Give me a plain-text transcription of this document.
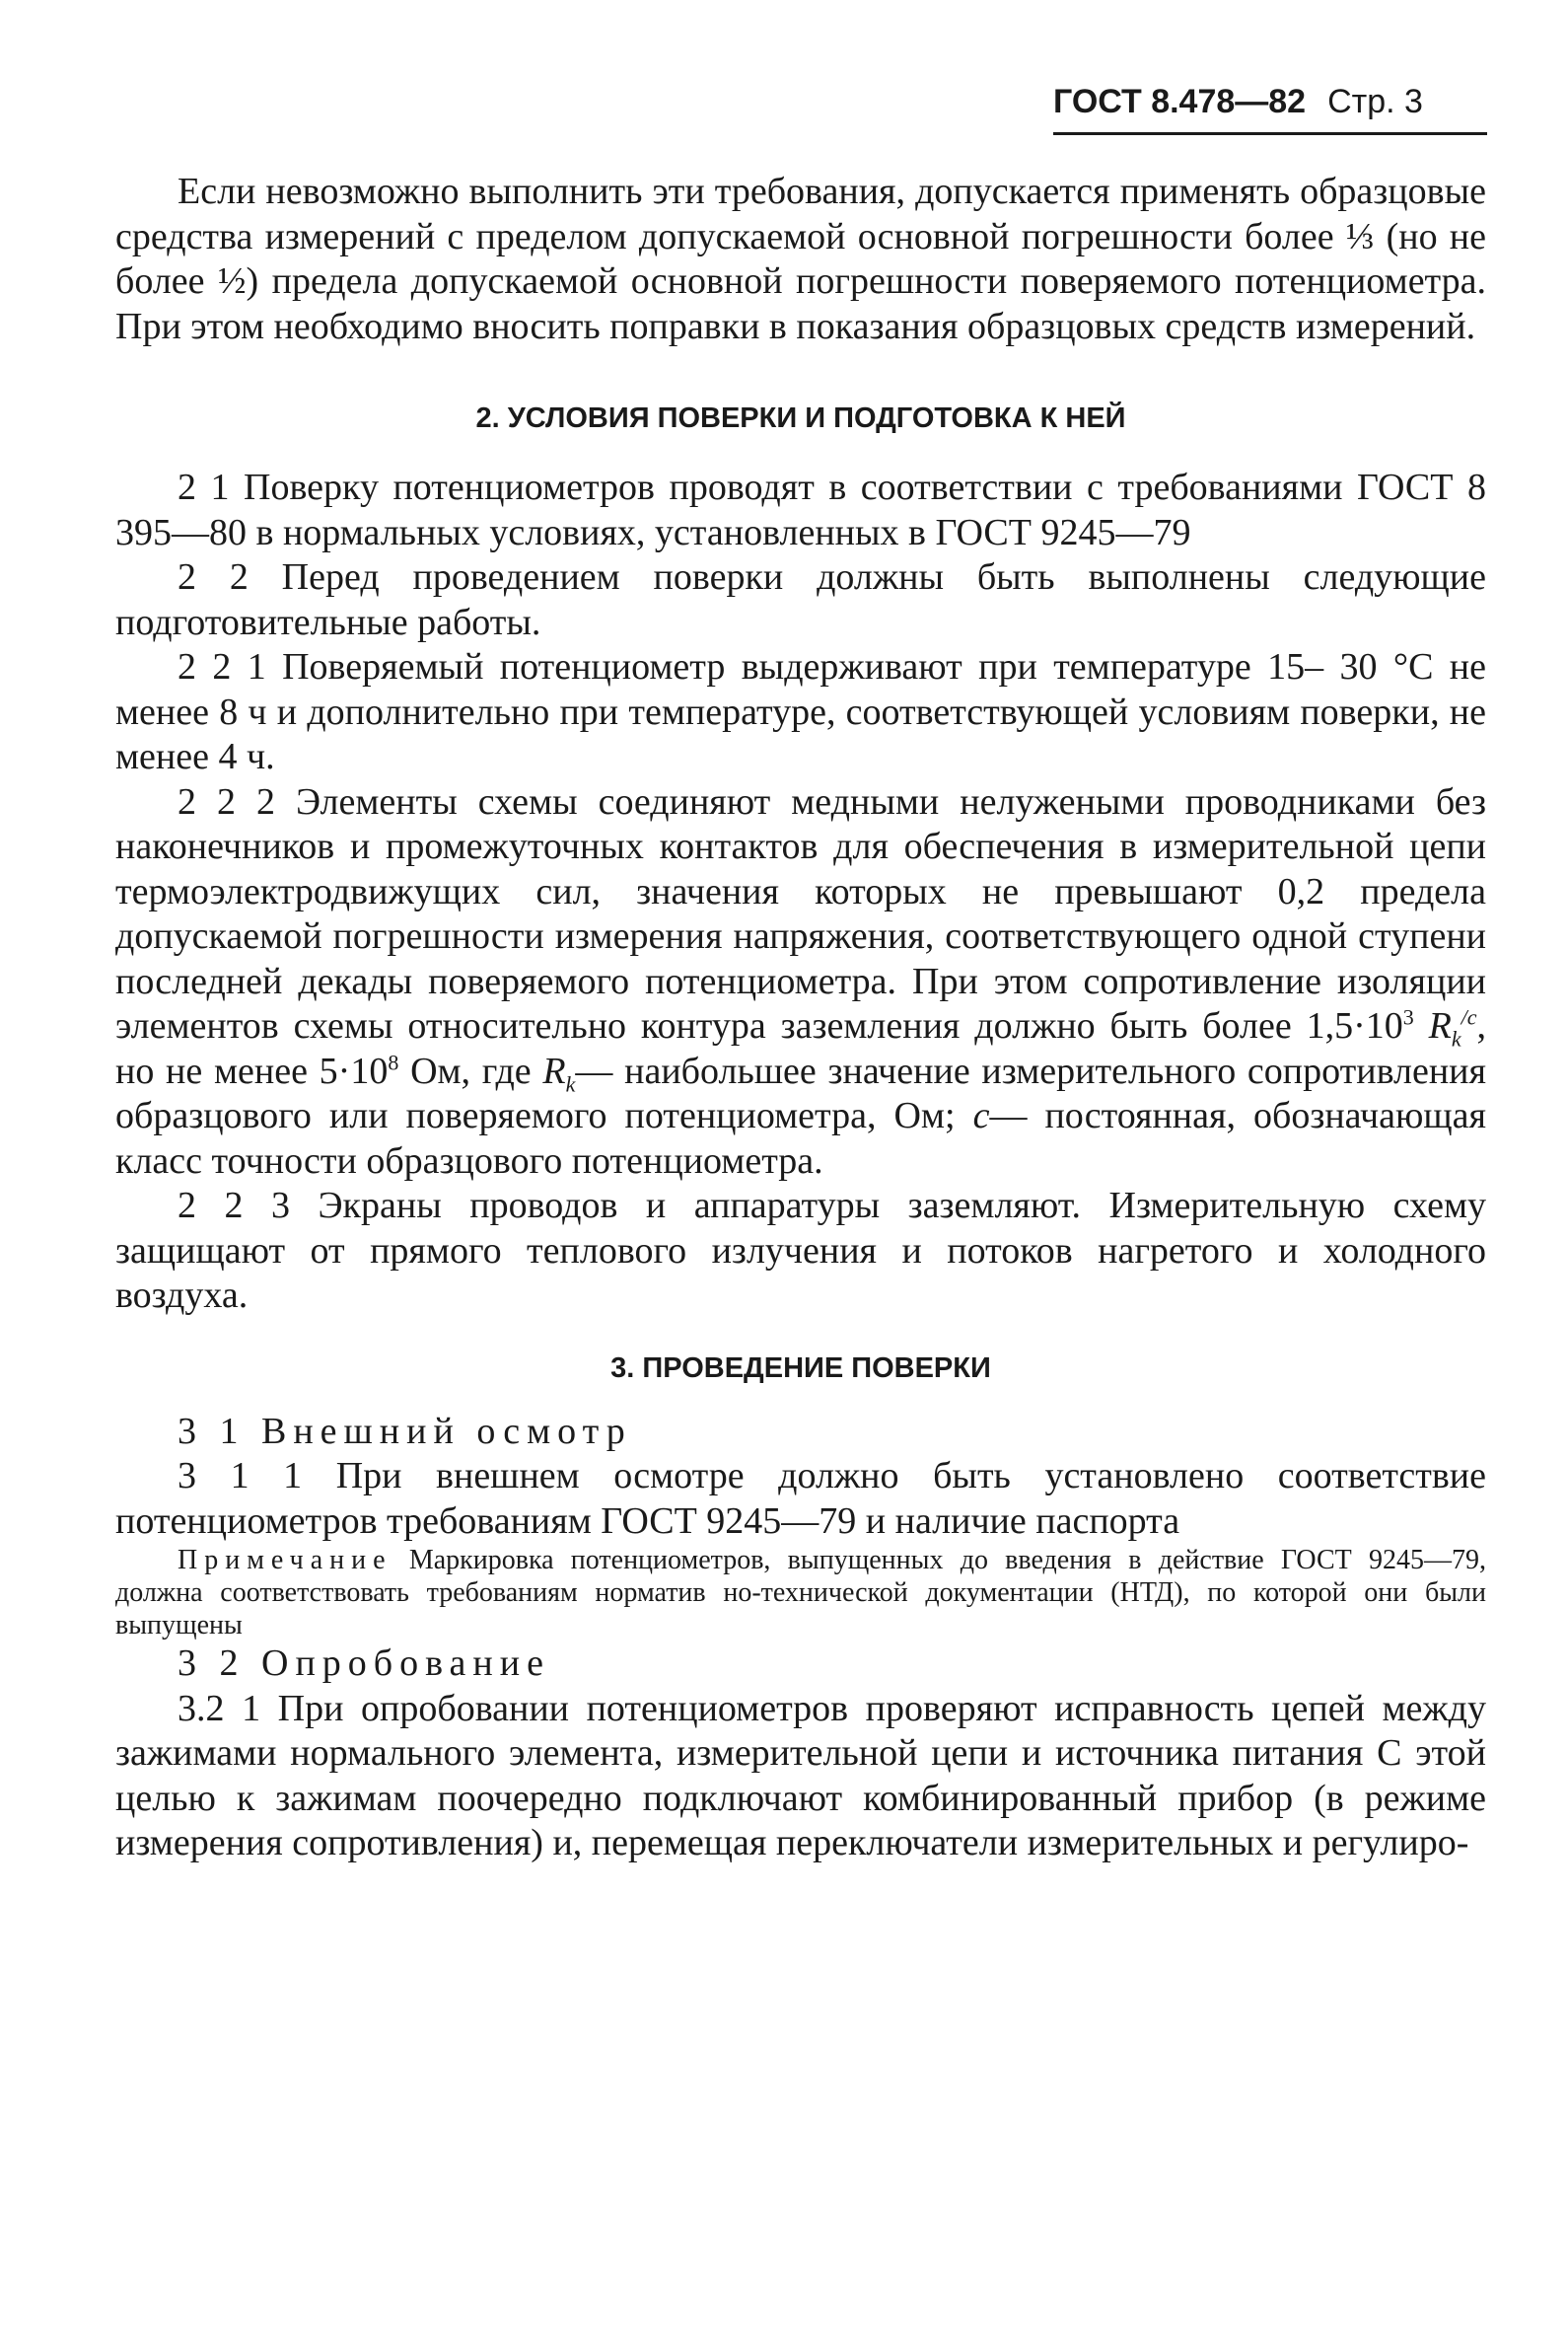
ГОСТ 8.478—82 Стр. 3

Если невозможно выполнить эти требования, допускается применять образцовые средства измерений с пределом допускаемой основной погрешности более ⅓ (но не более ½) предела допускаемой основной погрешности поверяемого потенциометра. При этом необходимо вносить поправки в показания образцовых средств измерений.

2. УСЛОВИЯ ПОВЕРКИ И ПОДГОТОВКА К НЕЙ

2 1 Поверку потенциометров проводят в соответствии с требованиями ГОСТ 8 395—80 в нормальных условиях, установленных в ГОСТ 9245—79

2 2 Перед проведением поверки должны быть выполнены следующие подготовительные работы.

2 2 1 Поверяемый потенциометр выдерживают при температуре 15– 30 °С не менее 8 ч и дополнительно при температуре, соответствующей условиям поверки, не менее 4 ч.

2 2 2 Элементы схемы соединяют медными нелужеными проводниками без наконечников и промежуточных контактов для обеспечения в измерительной цепи термоэлектродвижущих сил, значения которых не превышают 0,2 предела допускаемой погрешности измерения напряжения, соответствующего одной ступени последней декады поверяемого потенциометра. При этом сопротивление изоляции элементов схемы относительно контура заземления должно быть более $1,5\cdot 10^3$ $R_k^{/c}$, но не менее $5\cdot 10^8$ Ом, где $R_k—$ наибольшее значение измерительного сопротивления образцового или поверяемого потенциометра, Ом; c— постоянная, обозначающая класс точности образцового потенциометра.

2 2 3 Экраны проводов и аппаратуры заземляют. Измерительную схему защищают от прямого теплового излучения и потоков нагретого и холодного воздуха.

3. ПРОВЕДЕНИЕ ПОВЕРКИ

3 1 Внешний осмотр

3 1 1 При внешнем осмотре должно быть установлено соответствие потенциометров требованиям ГОСТ 9245—79 и наличие паспорта

Примечание Маркировка потенциометров, выпущенных до введения в действие ГОСТ 9245—79, должна соответствовать требованиям норматив но-технической документации (НТД), по которой они были выпущены

3 2 Опробование

3.2 1 При опробовании потенциометров проверяют исправность цепей между зажимами нормального элемента, измерительной цепи и источника питания С этой целью к зажимам поочередно подключают комбинированный прибор (в режиме измерения сопротивления) и, перемещая переключатели измерительных и регулиро-
